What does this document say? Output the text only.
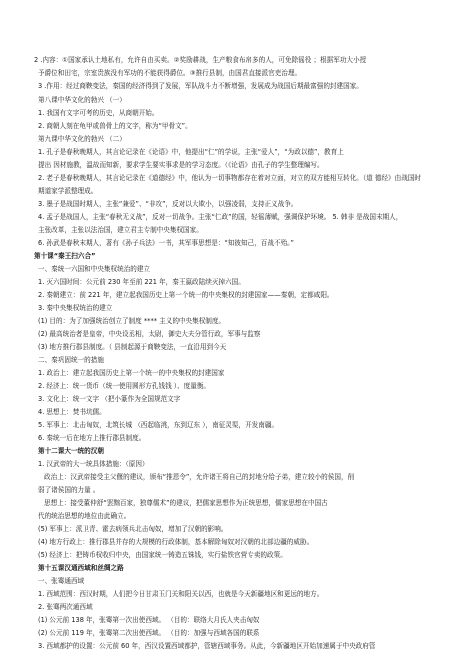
2 .内容：①国家承认土地私有，允许自由买卖。②奖励耕战，生产粮食布帛多的人，可免除徭役 ；根据军功大小授
予爵位和田宅，宗室贵族没有军功的不能获得爵位。③推行县制，由国君直接派官吏治理。
3 .作用：经过商鞅变法，秦国的经济得到了发展，军队战斗力不断增强，发展成为战国后期最富强的封建国家。
第八课中华文化的勃兴 （一）
1. 我国有文字可考的历史，从商朝开始。
2. 商朝人刻在龟甲或兽骨上的文字，称为“甲骨文”。
第九课中华文化的勃兴 （二）
1. 孔子是春秋晚期人，其言论记录在《论语》中，他提出“仁”的学说，主张“爱人”，“为政以德”，教育上
提出 因材施教，温故而知新，要求学生要实事求是的学习态度。（《论语》由孔子的学生整理编写。
2. 老子是春秋晚期人，其言论记录在《道德经》中，他认为一切事物都存在着对立面，对立的双方能相互转化。（道 德经》由战国时
期道家学派整理成。
3. 墨子是战国时期人，主张“兼爱”、“非攻”，反对以大欺小，以强凌弱，支持正义战争。
4. 孟子是战国人，主张“春秋无义战”，反对一切战争。主张“仁政”的国，轻徭薄赋，强调保护环境。 5. 韩非 是战国末期人，
主张改革，主张以法治国，建立君主专制中央集权国家。
6. 孙武是春秋末期人，著有《孙子兵法》一书，其军事思想是：“知彼知己，百战不殆。”
第十课“秦王扫六合”
一、秦统一六国和中央集权统治的建立
1. 灭六国时间：公元前 230 年至前 221 年，秦王嬴政陆续灭掉六国。
2. 秦朝建立：前 221 年，建立起我国历史上第一个统一的中央集权的封建国家——秦朝，定都咸阳。
3. 秦中央集权统治的建立
(1) 目的：为了加强统治创立了制度 **** 主义的中央集权制度。
(2) 最高统治者是皇帝，中央设丞相，太尉，御史大夫分管行政，军事与监察
(3) 地方推行郡县制度。（ 县制起源于商鞅变法，一直沿用到今天
二、秦巩固统一的措施
1. 政治上：建立起我国历史上第一个统一的中央集权的封建国家
2. 经济上：统一货币（统一使用圆形方孔钱钱 ）、度量衡。
3. 文化上：统一文字 （把小篆作为全国规范文字
4. 思想上：焚书坑儒。
5. 军事上：北击匈奴，北筑长城 （西起临洮，东到辽东 ），南征灵渠，开发南疆。
6. 秦统一后在地方上推行郡县制度。
第十二课大一统的汉朝
1. 汉武帝的大一统具体措施：（原因）
政治上：汉武帝接受主父偃的建议，颁布“推恩令”，允许诸王将自己的封地分给子弟，建立较小的侯国，削
弱了诸侯国的力量 。
思想上：接受董仲舒“罢黜百家，独尊儒术”的建议，把儒家思想作为正统思想，儒家思想在中国古
代的统治思想的地位由此确立。
(5) 军事上：派卫青、霍去病领兵北击匈奴，增加了汉朝的影响。
(4) 地方行政上：推行郡县并存的大规模的行政体制，基本解除匈奴对汉朝的北部边疆的威胁。
(5) 经济上：把铸币权收归中央，由国家统一铸造五铢钱，实行盐铁官营专卖的政策。
第十五课汉通西域和丝绸之路
一、张骞通西域
1. 西域范围：西汉时期，人们把今日甘肃玉门关和阳关以西，也就是今天新疆地区和更远的地方。
2. 张骞两次通西域
(1) 公元前 138 年，张骞第一次出使西域。 （目的：联络大月氏人夹击匈奴
(2) 公元前 119 年，张骞第二次出使西域。 （目的：加强与西域各国的联系
3. 西域都护的设置：公元前 60 年，西汉设置西域都护，管辖西域事务。从此，今新疆地区开始加速属于中央政府管
